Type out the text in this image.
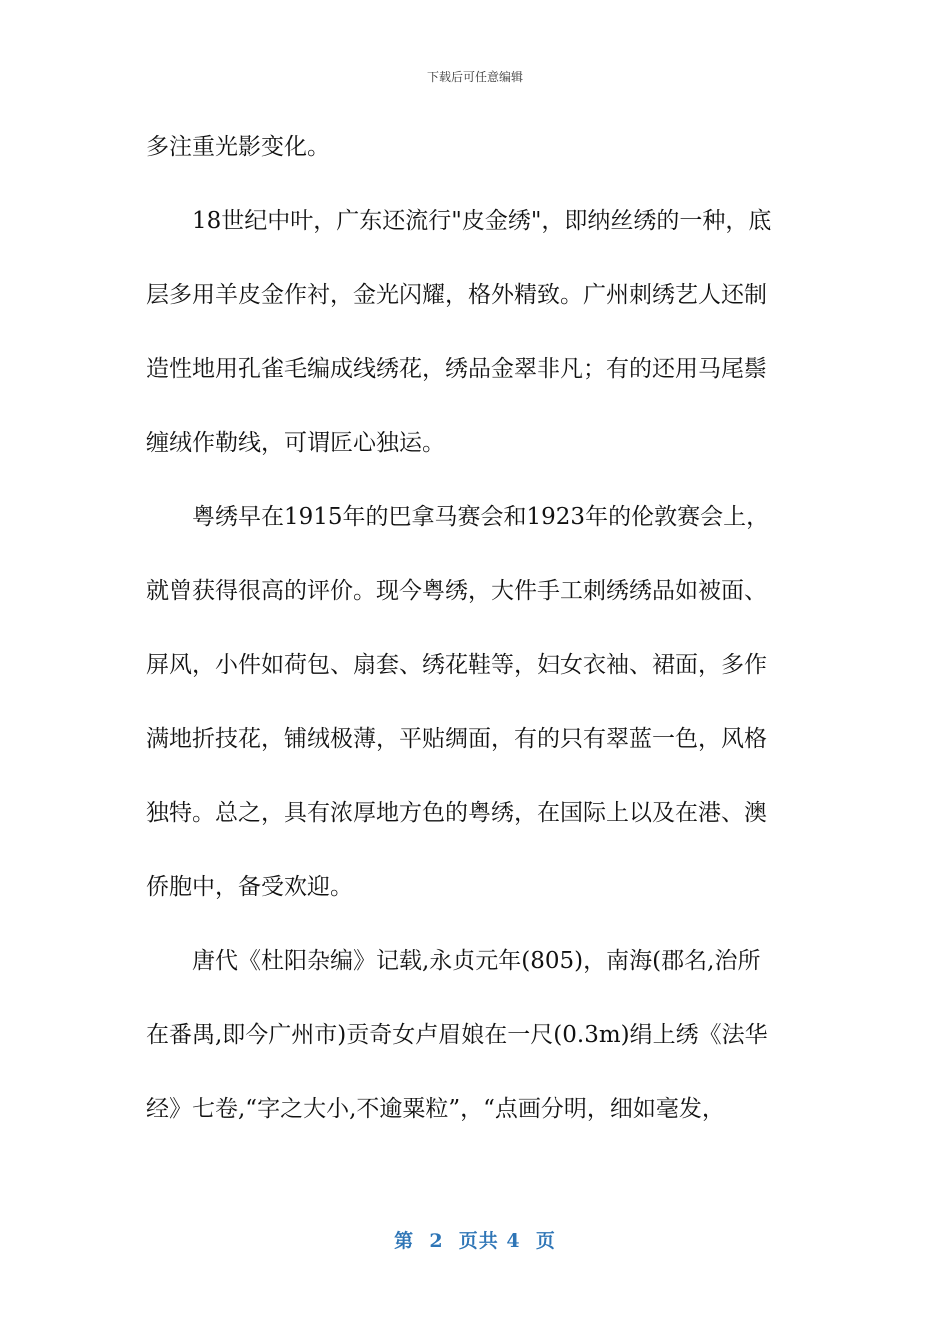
下载后可任意编辑
多注重光影变化。
18世纪中叶，广东还流行"皮金绣"，即纳丝绣的一种，底
层多用羊皮金作衬，金光闪耀，格外精致。广州刺绣艺人还制
造性地用孔雀毛编成线绣花，绣品金翠非凡；有的还用马尾鬃
缠绒作勒线，可谓匠心独运。
粤绣早在1915年的巴拿马赛会和1923年的伦敦赛会上，
就曾获得很高的评价。现今粤绣，大件手工刺绣绣品如被面、
屏风，小件如荷包、扇套、绣花鞋等，妇女衣袖、裙面，多作
满地折技花，铺绒极薄，平贴绸面，有的只有翠蓝一色，风格
独特。总之，具有浓厚地方色的粤绣，在国际上以及在港、澳
侨胞中，备受欢迎。
唐代《杜阳杂编》记载,永贞元年(805)，南海(郡名,治所
在番禺,即今广州市)贡奇女卢眉娘在一尺(0.3m)绢上绣《法华
经》七卷,“字之大小,不逾粟粒”，“点画分明，细如毫发，
第  2  页共 4  页
